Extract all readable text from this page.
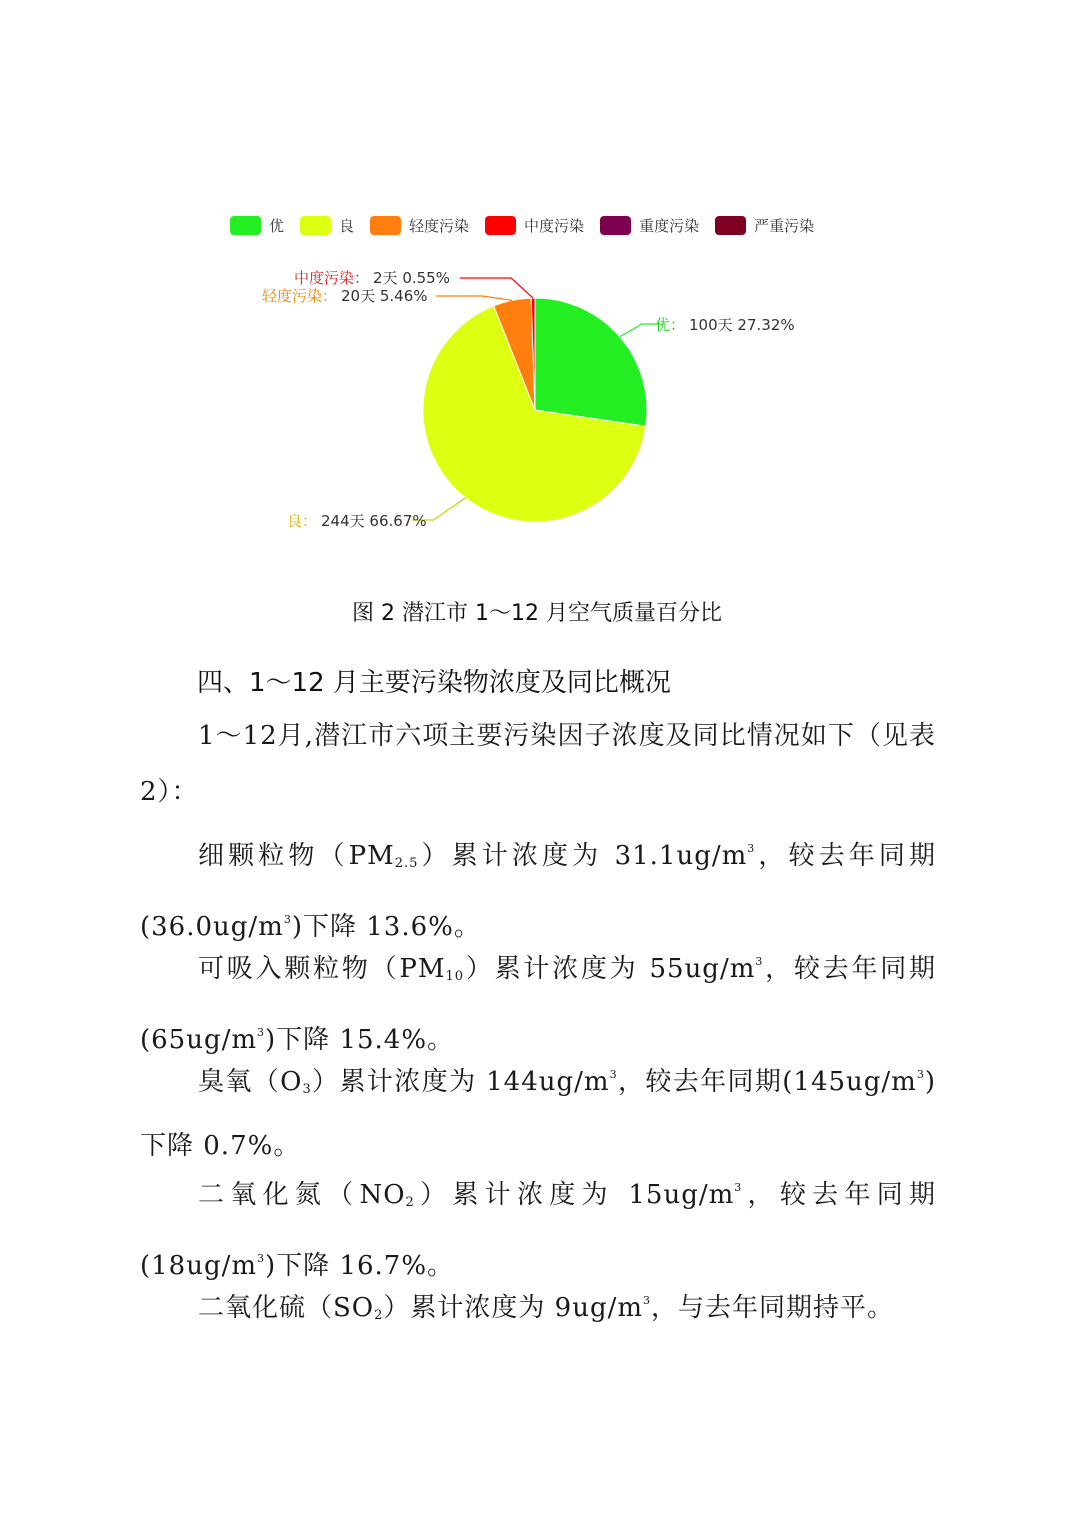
优	良	轻度污染	中度污染	重度污染	严重污染
优： 100天 27.32%
良： 244天 66.67%
轻度污染： 20天 5.46%
中度污染： 2天 0.55%
图 2 潜江市 1～12 月空气质量百分比
四、1～12 月主要污染物浓度及同比概况
1～12月,潜江市六项主要污染因子浓度及同比情况如下（见表 2）：
细颗粒物$(PM_{2.5})$累计浓度为 $31.1ug/m^3$，较去年同期$(36.0ug/m^3)$下降 13.6%。
可吸入颗粒物$(PM_{10})$累计浓度为 $55ug/m^3$，较去年同期$(65ug/m^3)$下降 15.4%。
臭氧$(O_3)$累计浓度为 $144ug/m^3$，较去年同期$(145ug/m^3)$下降 0.7%。
二氧化氮$(NO_2)$累计浓度为 $15ug/m^3$，较去年同期$(18ug/m^3)$下降 16.7%。
二氧化硫$(SO_2)$累计浓度为 $9ug/m^3$，与去年同期持平。
